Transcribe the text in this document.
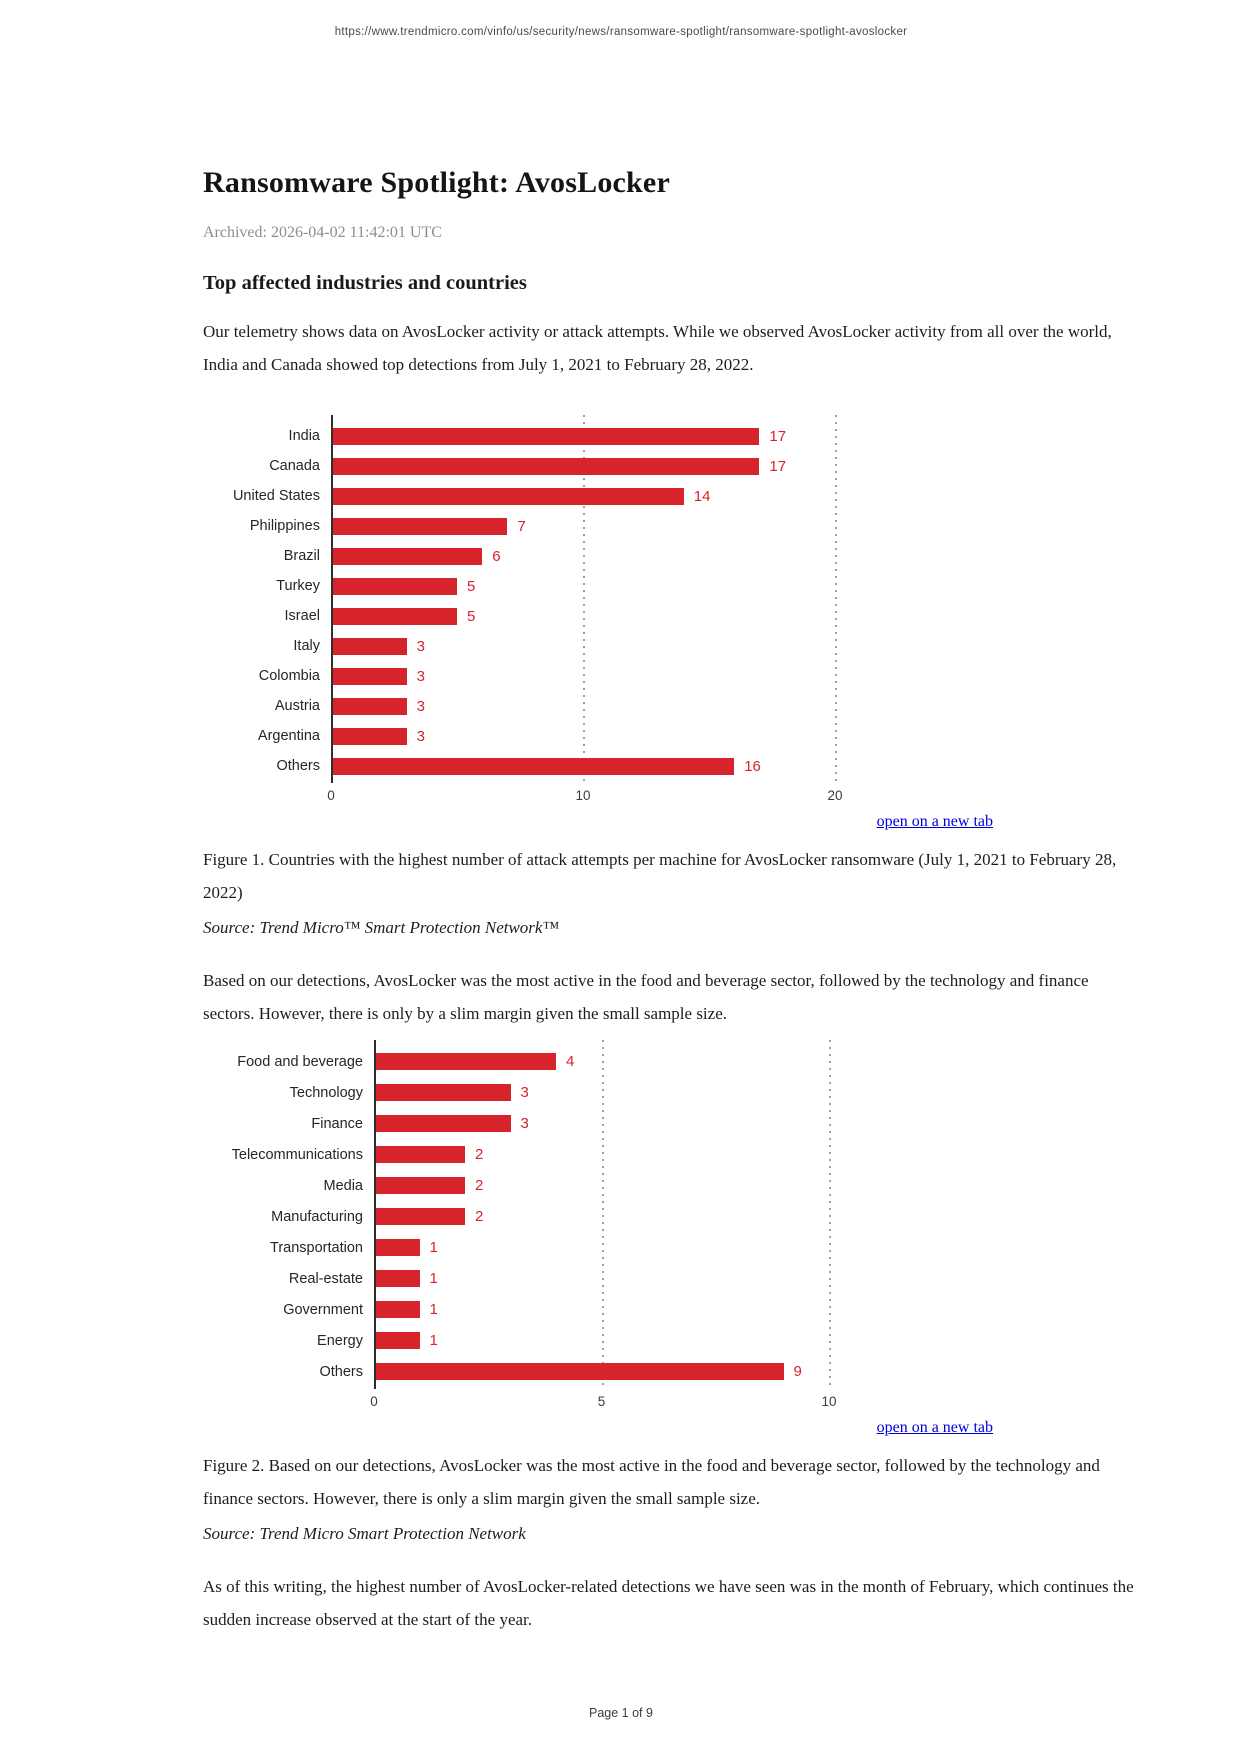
https://www.trendmicro.com/vinfo/us/security/news/ransomware-spotlight/ransomware-spotlight-avoslocker
Ransomware Spotlight: AvosLocker
Archived: 2026-04-02 11:42:01 UTC
Top affected industries and countries

Our telemetry shows data on AvosLocker activity or attack attempts. While we observed AvosLocker activity from all over the world, India and Canada showed top detections from July 1, 2021 to February 28, 2022.

India	17
Canada	17
United States	14
Philippines	7
Brazil	6
Turkey	5
Israel	5
Italy	3
Colombia	3
Austria	3
Argentina	3
Others	16
0	10	20
open on a new tab

Figure 1. Countries with the highest number of attack attempts per machine for AvosLocker ransomware (July 1, 2021 to February 28, 2022)

Source: Trend Micro™ Smart Protection Network™

Based on our detections, AvosLocker was the most active in the food and beverage sector, followed by the technology and finance sectors. However, there is only by a slim margin given the small sample size.

Food and beverage	4
Technology	3
Finance	3
Telecommunications	2
Media	2
Manufacturing	2
Transportation	1
Real-estate	1
Government	1
Energy	1
Others	9
0	5	10
open on a new tab

Figure 2. Based on our detections, AvosLocker was the most active in the food and beverage sector, followed by the technology and finance sectors. However, there is only a slim margin given the small sample size.

Source: Trend Micro Smart Protection Network

As of this writing, the highest number of AvosLocker-related detections we have seen was in the month of February, which continues the sudden increase observed at the start of the year.

Page 1 of 9
